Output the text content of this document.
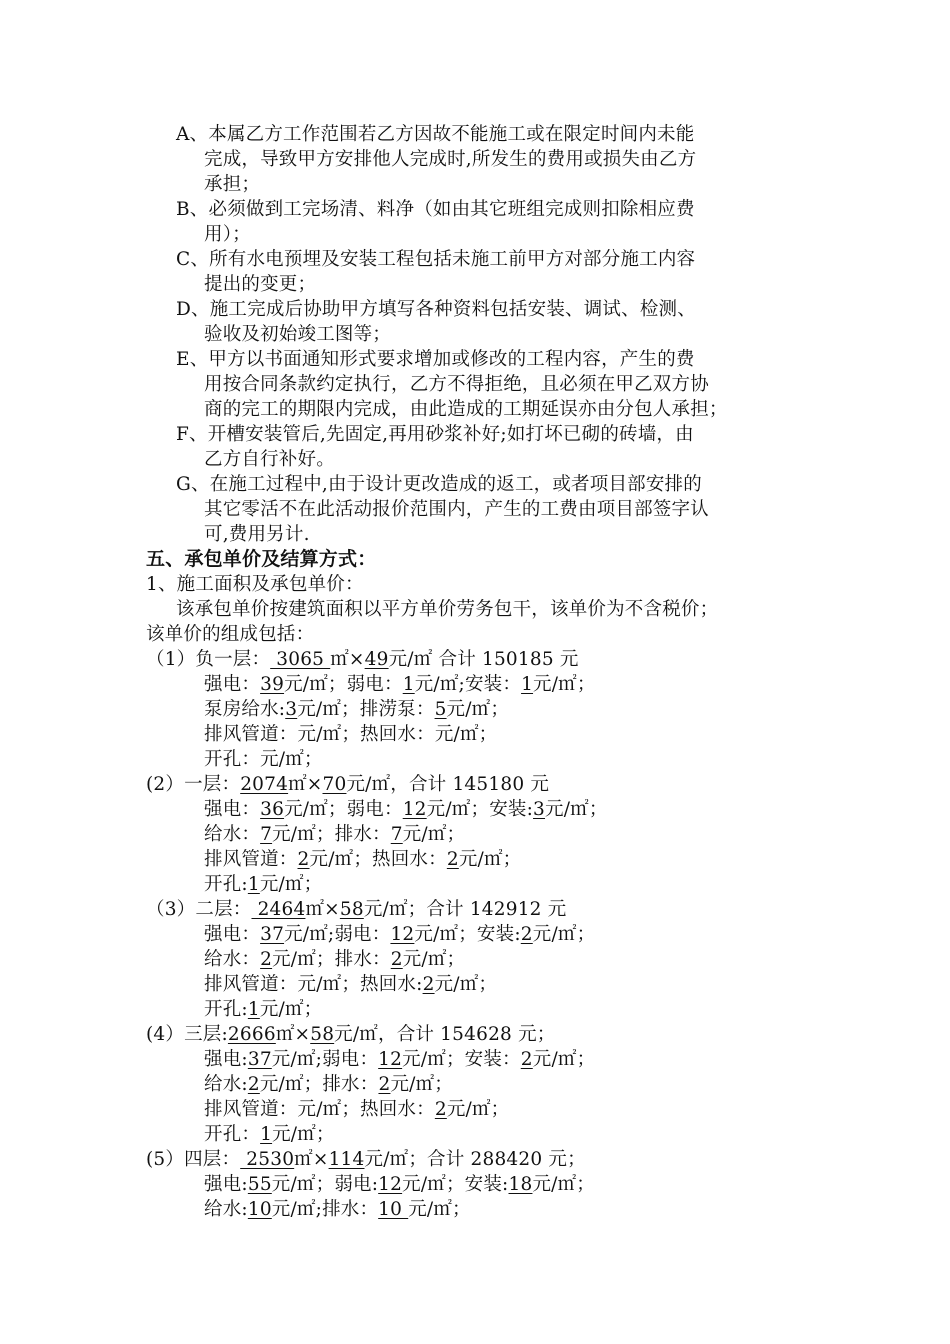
A、本属乙方工作范围若乙方因故不能施工或在限定时间内未能
完成，导致甲方安排他人完成时,所发生的费用或损失由乙方
承担；
B、必须做到工完场清、料净（如由其它班组完成则扣除相应费
用）；
C、所有水电预埋及安装工程包括未施工前甲方对部分施工内容
提出的变更；
D、施工完成后协助甲方填写各种资料包括安装、调试、检测、
验收及初始竣工图等；
E、甲方以书面通知形式要求增加或修改的工程内容，产生的费
用按合同条款约定执行，乙方不得拒绝，且必须在甲乙双方协
商的完工的期限内完成，由此造成的工期延误亦由分包人承担；
F、开槽安装管后,先固定,再用砂浆补好;如打坏已砌的砖墙，由
乙方自行补好。
G、在施工过程中,由于设计更改造成的返工，或者项目部安排的
其它零活不在此活动报价范围内，产生的工费由项目部签字认
可,费用另计.
五、承包单价及结算方式：
1、施工面积及承包单价：
该承包单价按建筑面积以平方单价劳务包干，该单价为不含税价；
该单价的组成包括：
（1）负一层： 3065 ㎡×49元/㎡ 合计 150185 元
强电：39元/㎡；弱电：1元/㎡;安装：1元/㎡；
泵房给水:3元/㎡；排涝泵：5元/㎡；
排风管道：元/㎡；热回水：元/㎡；
开孔：元/㎡；
(2）一层：2074㎡×70元/㎡，合计 145180 元
强电：36元/㎡；弱电：12元/㎡；安装:3元/㎡；
给水：7元/㎡；排水：7元/㎡；
排风管道：2元/㎡；热回水：2元/㎡；
开孔:1元/㎡；
（3）二层： 2464㎡×58元/㎡；合计 142912 元
强电：37元/㎡;弱电：12元/㎡；安装:2元/㎡；
给水：2元/㎡；排水：2元/㎡；
排风管道：元/㎡；热回水:2元/㎡；
开孔:1元/㎡；
(4）三层:2666㎡×58元/㎡，合计 154628 元；
强电:37元/㎡;弱电：12元/㎡；安装：2元/㎡；
给水:2元/㎡；排水：2元/㎡；
排风管道：元/㎡；热回水：2元/㎡；
开孔：1元/㎡；
(5）四层： 2530㎡×114元/㎡；合计 288420 元；
强电:55元/㎡；弱电:12元/㎡；安装:18元/㎡；
给水:10元/㎡;排水：10 元/㎡；
